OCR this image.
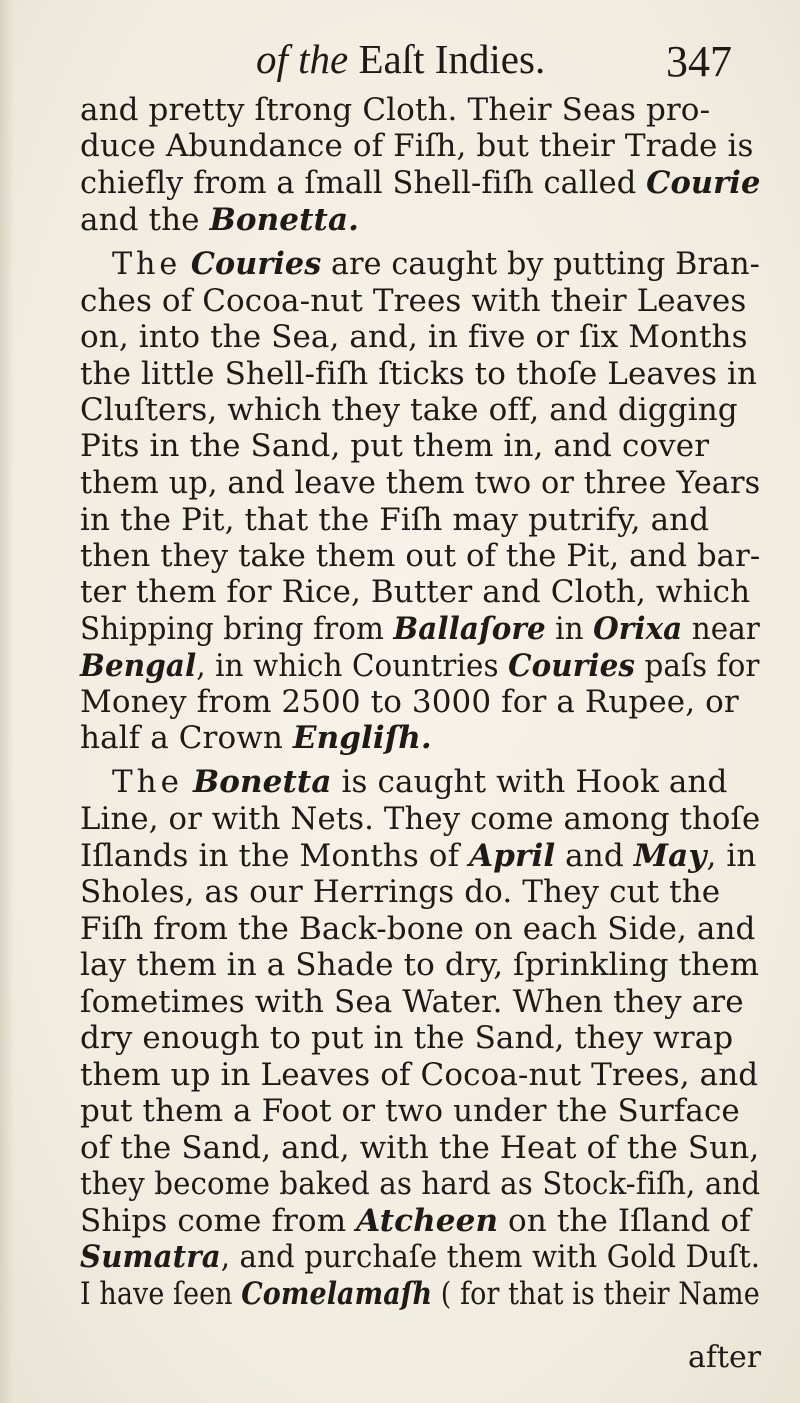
of the Eaſt Indies.	347
and pretty ſtrong Cloth. Their Seas pro-
duce Abundance of Fiſh, but their Trade is
chiefly from a ſmall Shell-fiſh called Courie
and the Bonetta.
The Couries are caught by putting Bran-
ches of Cocoa-nut Trees with their Leaves
on, into the Sea, and, in five or ſix Months
the little Shell-fiſh ſticks to thoſe Leaves in
Cluſters, which they take off, and digging
Pits in the Sand, put them in, and cover
them up, and leave them two or three Years
in the Pit, that the Fiſh may putrify, and
then they take them out of the Pit, and bar-
ter them for Rice, Butter and Cloth, which
Shipping bring from Ballaſore in Orixa near
Bengal, in which Countries Couries paſs for
Money from 2500 to 3000 for a Rupee, or
half a Crown Engliſh.
The Bonetta is caught with Hook and
Line, or with Nets. They come among thoſe
Iſlands in the Months of April and May, in
Sholes, as our Herrings do. They cut the
Fiſh from the Back-bone on each Side, and
lay them in a Shade to dry, ſprinkling them
ſometimes with Sea Water. When they are
dry enough to put in the Sand, they wrap
them up in Leaves of Cocoa-nut Trees, and
put them a Foot or two under the Surface
of the Sand, and, with the Heat of the Sun,
they become baked as hard as Stock-fiſh, and
Ships come from Atcheen on the Iſland of
Sumatra, and purchaſe them with Gold Duſt.
I have ſeen Comelamaſh ( for that is their Name
after
